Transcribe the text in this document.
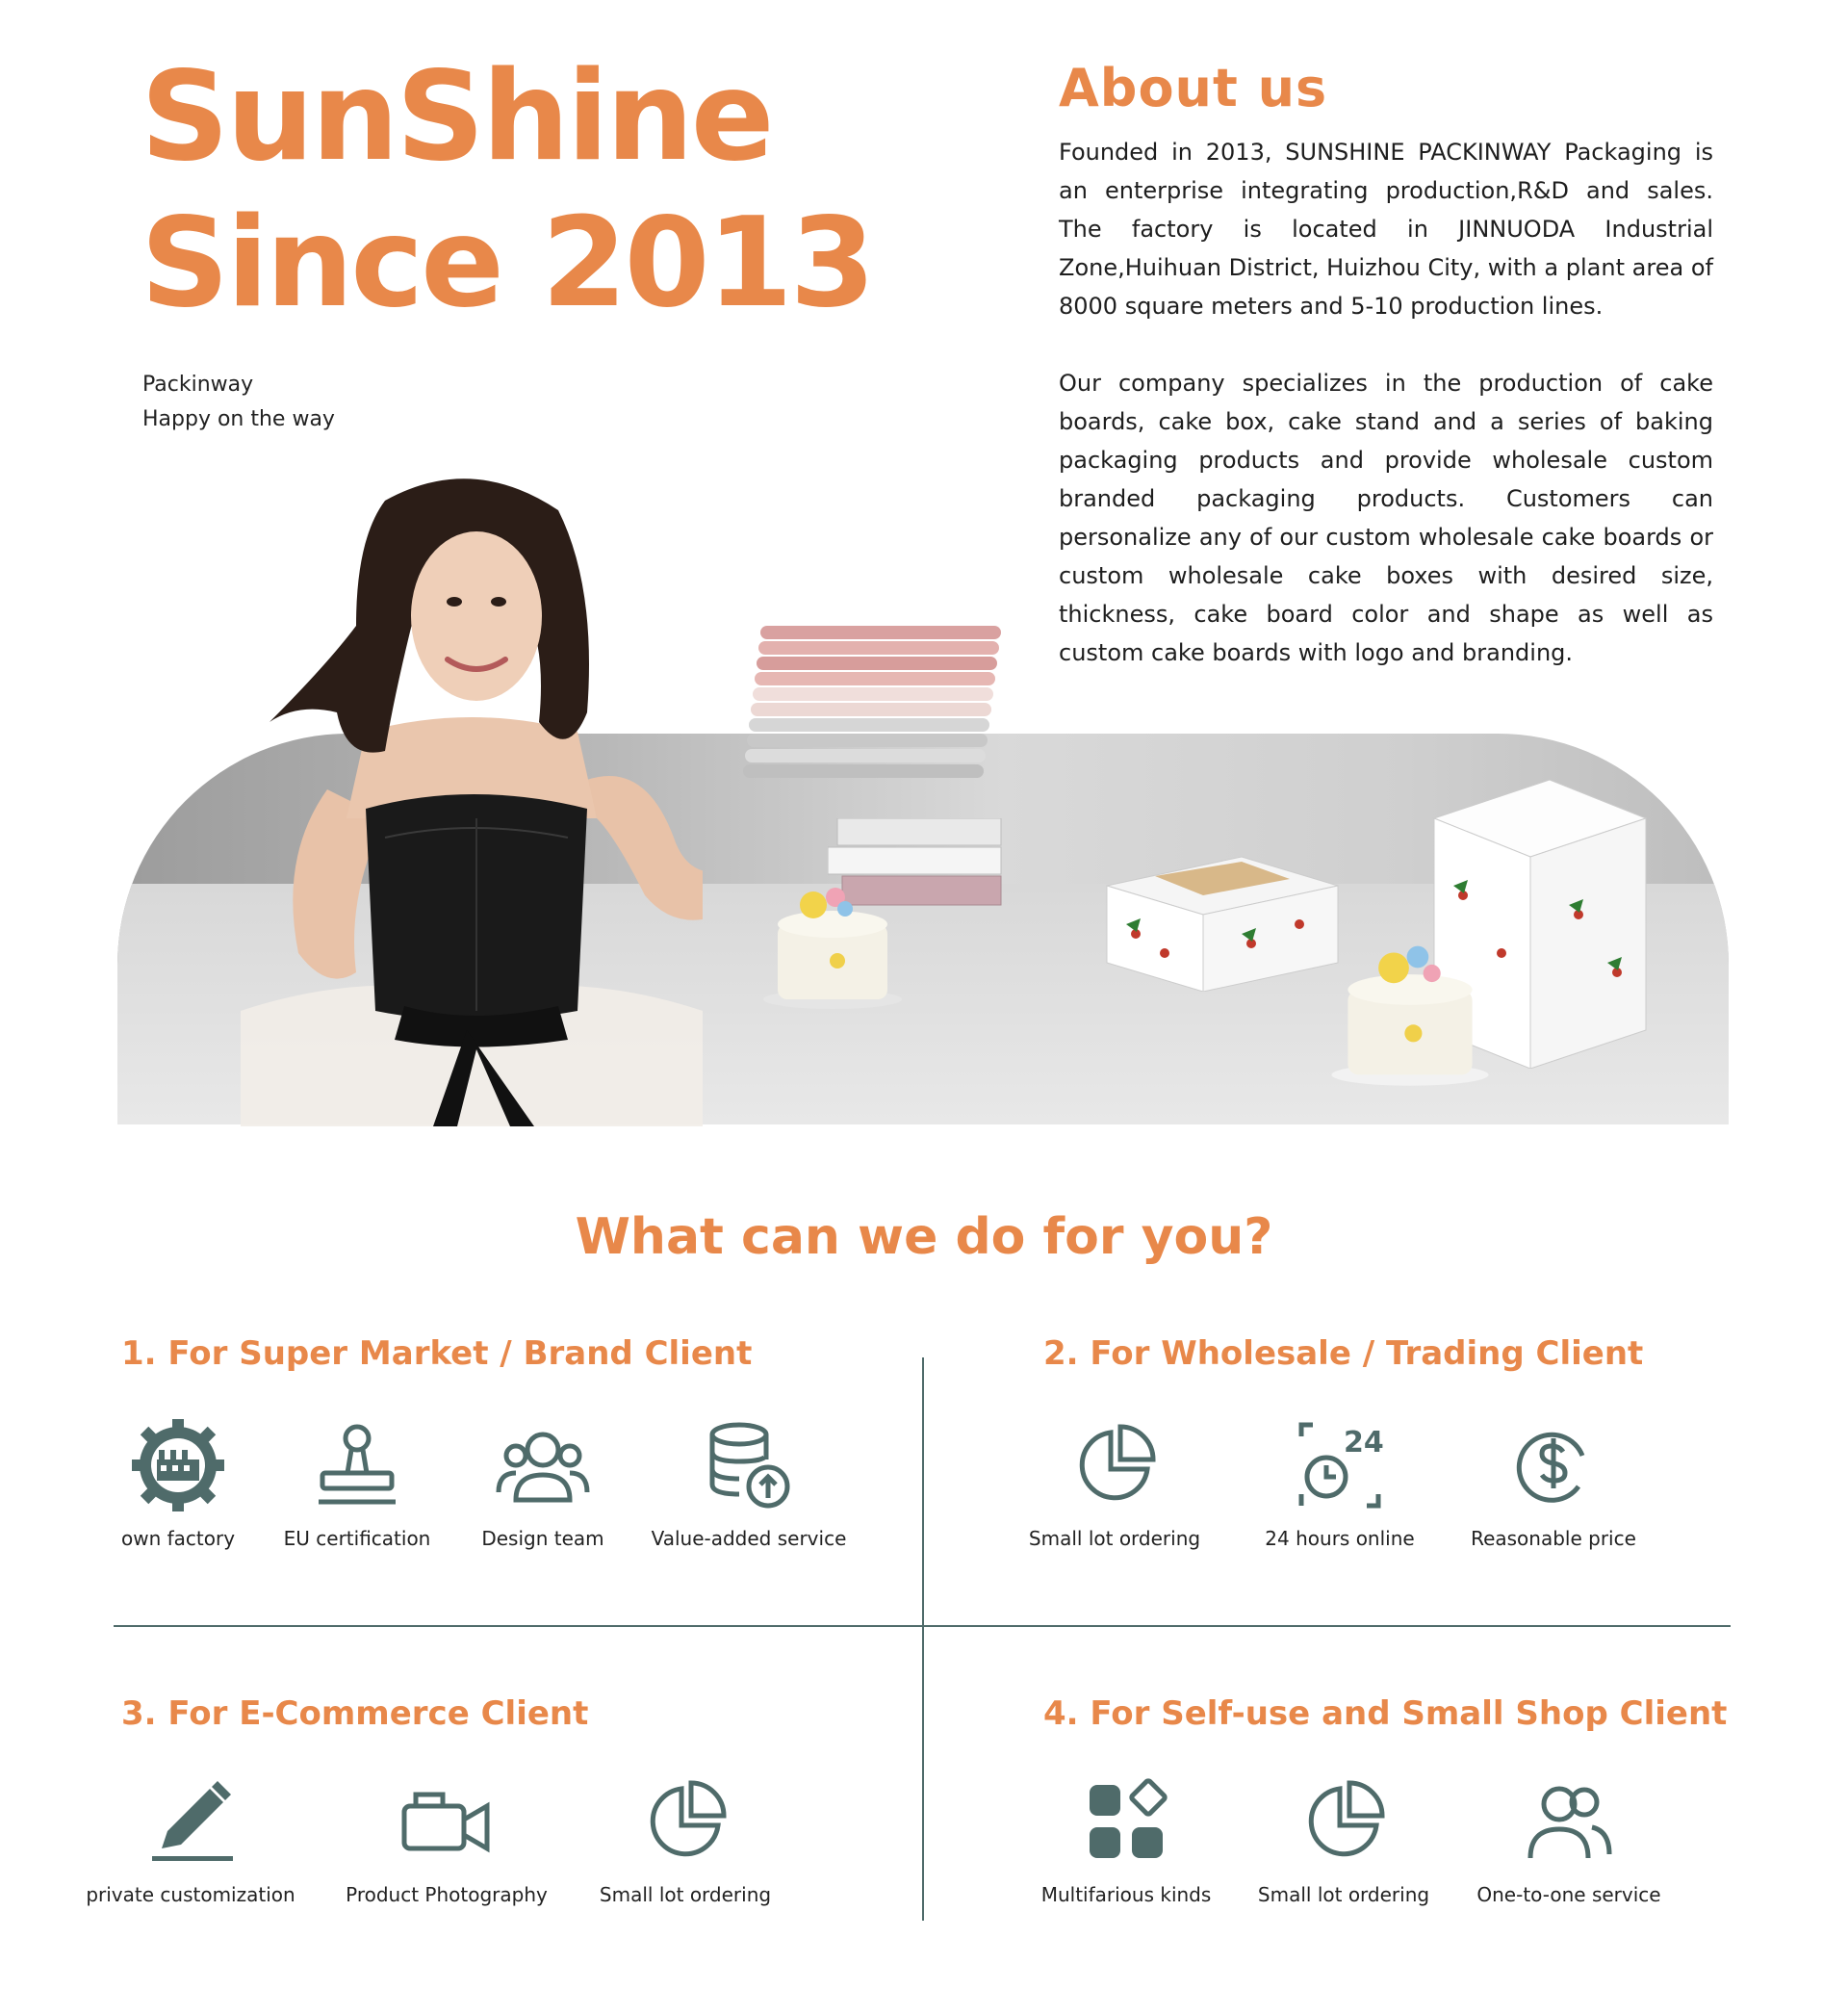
SunShine
Since 2013
Packinway
Happy on the way
About us

Founded in 2013, SUNSHINE PACKINWAY Packaging is an enterprise integrating production,R&D and sales. The factory is located in JINNUODA Industrial Zone,Huihuan District, Huizhou City, with a plant area of 8000 square meters and 5-10 production lines.

Our company specializes in the production of cake boards, cake box, cake stand and a series of baking packaging products and provide wholesale custom branded packaging products. Customers can personalize any of our custom wholesale cake boards or custom wholesale cake boxes with desired size, thickness, cake board color and shape as well as custom cake boards with logo and branding.

What can we do for you?
1. For Super Market / Brand Client
own factory	EU certification	Design team	Value-added service
2. For Wholesale / Trading Client
Small lot ordering
24
24 hours online	Reasonable price
3. For E-Commerce Client
private customization	Product Photography	Small lot ordering
4. For Self-use and Small Shop Client
Multifarious kinds	Small lot ordering	One-to-one service
